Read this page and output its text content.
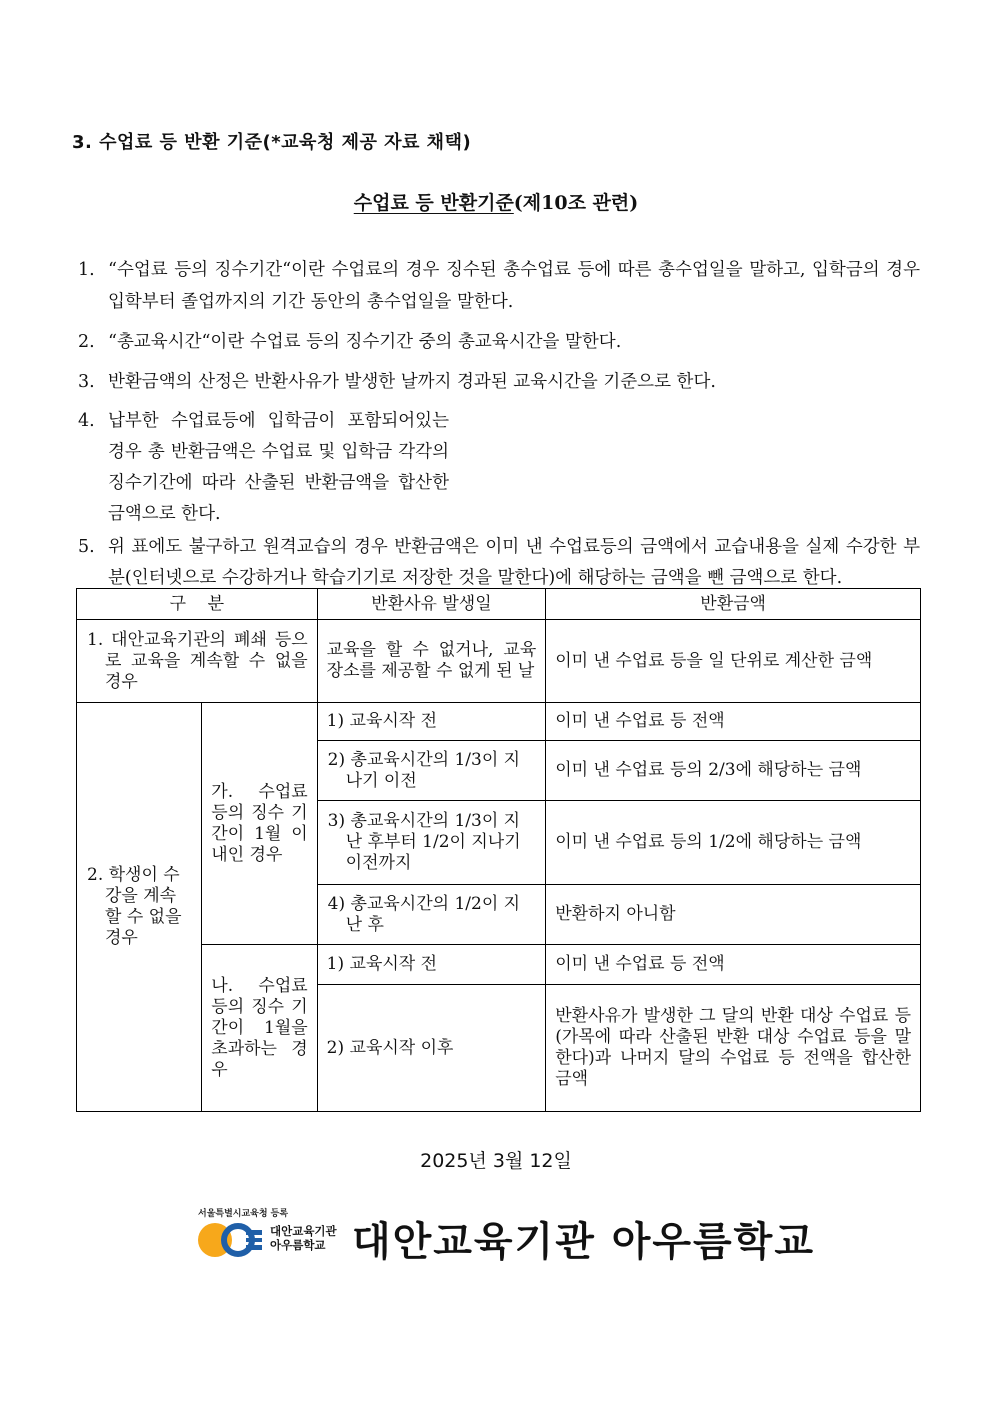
3. 수업료 등 반환 기준(*교육청 제공 자료 채택)
수업료 등 반환기준(제10조 관련)
1. “수업료 등의 징수기간“이란 수업료의 경우 징수된 총수업료 등에 따른 총수업일을 말하고, 입학금의 경우 입학부터 졸업까지의 기간 동안의 총수업일을 말한다.
2. “총교육시간“이란 수업료 등의 징수기간 중의 총교육시간을 말한다.
3. 반환금액의 산정은 반환사유가 발생한 날까지 경과된 교육시간을 기준으로 한다.
4. 납부한 수업료등에 입학금이 포함되어있는 경우 총 반환금액은 수업료 및 입학금 각각의 징수기간에 따라 산출된 반환금액을 합산한 금액으로 한다.
5. 위 표에도 불구하고 원격교습의 경우 반환금액은 이미 낸 수업료등의 금액에서 교습내용을 실제 수강한 부분(인터넷으로 수강하거나 학습기기로 저장한 것을 말한다)에 해당하는 금액을 뺀 금액으로 한다.
구    분		반환사유 발생일	반환금액
1. 대안교육기관의 폐쇄 등으로 교육을 계속할 수 없을 경우		교육을 할 수 없거나, 교육 장소를 제공할 수 없게 된 날	이미 낸 수업료 등을 일 단위로 계산한 금액
2. 학생이 수강을 계속할 수 없을 경우	가. 수업료 등의 징수 기간이 1월 이내인 경우	1) 교육시작 전	이미 낸 수업료 등 전액
		2) 총교육시간의 1/3이 지나기 이전	이미 낸 수업료 등의 2/3에 해당하는 금액
		3) 총교육시간의 1/3이 지난 후부터 1/2이 지나기 이전까지	이미 낸 수업료 등의 1/2에 해당하는 금액
		4) 총교육시간의 1/2이 지난 후	반환하지 아니함
	나. 수업료 등의 징수 기간이 1월을 초과하는 경우	1) 교육시작 전	이미 낸 수업료 등 전액
		2) 교육시작 이후	반환사유가 발생한 그 달의 반환 대상 수업료 등(가목에 따라 산출된 반환 대상 수업료 등을 말한다)과 나머지 달의 수업료 등 전액을 합산한 금액
2025년 3월 12일
서울특별시교육청 등록
대안교육기관
아우름학교 대안교육기관 아우름학교
